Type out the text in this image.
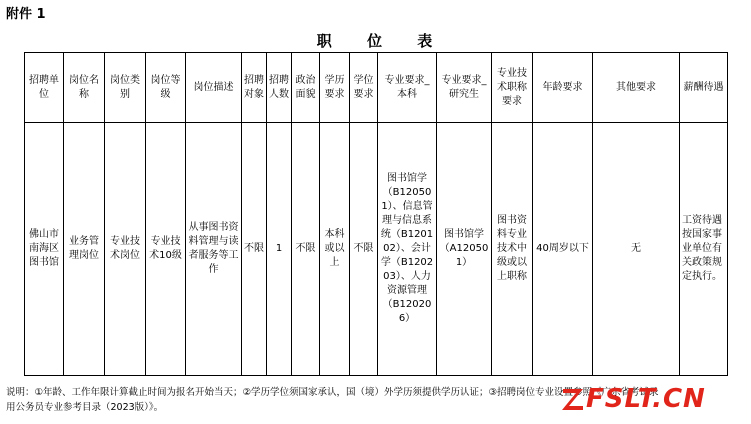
附件 1
职 位 表
招聘单位	岗位名称	岗位类别	岗位等级	岗位描述	招聘对象	招聘人数	政治面貌	学历要求	学位要求	专业要求_本科	专业要求_研究生	专业技术职称要求	年龄要求	其他要求	薪酬待遇
佛山市南海区图书馆	业务管理岗位	专业技术岗位	专业技术10级	从事图书资料管理与读者服务等工作	不限	1	不限	本科或以上	不限	图书馆学（B120501）、信息管理与信息系统（B120102）、会计学（B120203）、人力资源管理（B120206）	图书馆学（A120501）	图书资料专业技术中级或以上职称	40周岁以下	无	工资待遇按国家事业单位有关政策规定执行。
说明：①年龄、工作年限计算截止时间为报名开始当天；②学历学位须国家承认，国（境）外学历须提供学历认证；③招聘岗位专业设置参照《广东省考试录用公务员专业参考目录（2023版）》。	FSLT.CN
